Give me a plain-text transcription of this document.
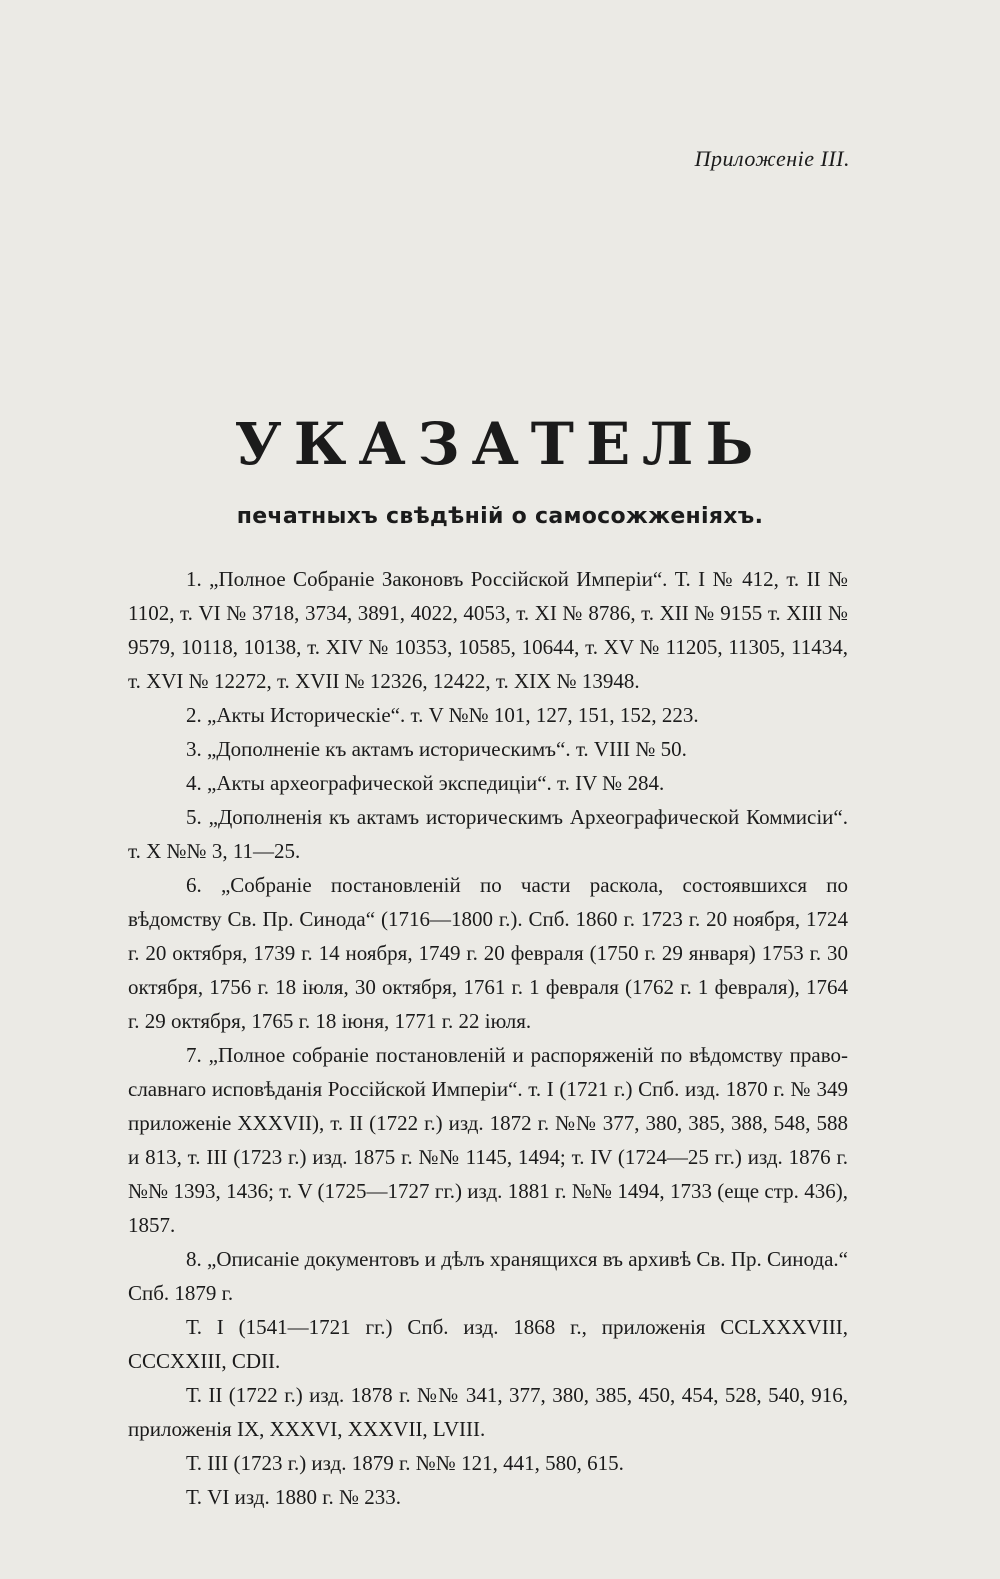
Приложеніе III.
УКАЗАТЕЛЬ
печатныхъ свѣдѣній о самосожженіяхъ.

1. „Полное Собраніе Законовъ Россійской Имперіи“. Т. I № 412, т. II № 1102, т. VI № 3718, 3734, 3891, 4022, 4053, т. XI № 8786, т. XII № 9155 т. XIII № 9579, 10118, 10138, т. XIV № 10353, 10585, 10644, т. XV № 11205, 11305, 11434, т. XVI № 12272, т. XVII № 12326, 12422, т. XIX № 13948.

2. „Акты Историческіе“. т. V №№ 101, 127, 151, 152, 223.

3. „Дополненіе къ актамъ историческимъ“. т. VIII № 50.

4. „Акты археографической экспедиціи“. т. IV № 284.

5. „Дополненія къ актамъ историческимъ Археографической Коммисіи“. т. X №№ 3, 11—25.

6. „Собраніе постановленій по части раскола, состоявшихся по вѣдомству Св. Пр. Синода“ (1716—1800 г.). Спб. 1860 г. 1723 г. 20 ноября, 1724 г. 20 октября, 1739 г. 14 ноября, 1749 г. 20 февраля (1750 г. 29 января) 1753 г. 30 октября, 1756 г. 18 іюля, 30 октября, 1761 г. 1 февраля (1762 г. 1 февраля), 1764 г. 29 октября, 1765 г. 18 іюня, 1771 г. 22 іюля.

7. „Полное собраніе постановленій и распоряженій по вѣдомству право-славнаго исповѣданія Россійской Имперіи“. т. I (1721 г.) Спб. изд. 1870 г. № 349 приложеніе XXXVII), т. II (1722 г.) изд. 1872 г. №№ 377, 380, 385, 388, 548, 588 и 813, т. III (1723 г.) изд. 1875 г. №№ 1145, 1494; т. IV (1724—25 гг.) изд. 1876 г. №№ 1393, 1436; т. V (1725—1727 гг.) изд. 1881 г. №№ 1494, 1733 (еще стр. 436), 1857.

8. „Описаніе документовъ и дѣлъ хранящихся въ архивѣ Св. Пр. Синода.“ Спб. 1879 г.

Т. I (1541—1721 гг.) Спб. изд. 1868 г., приложенія CCLXXXVIII, CCCXXIII, CDII.

Т. II (1722 г.) изд. 1878 г. №№ 341, 377, 380, 385, 450, 454, 528, 540, 916, приложенія IX, XXXVI, XXXVII, LVIII.

Т. III (1723 г.) изд. 1879 г. №№ 121, 441, 580, 615.

Т. VI изд. 1880 г. № 233.
